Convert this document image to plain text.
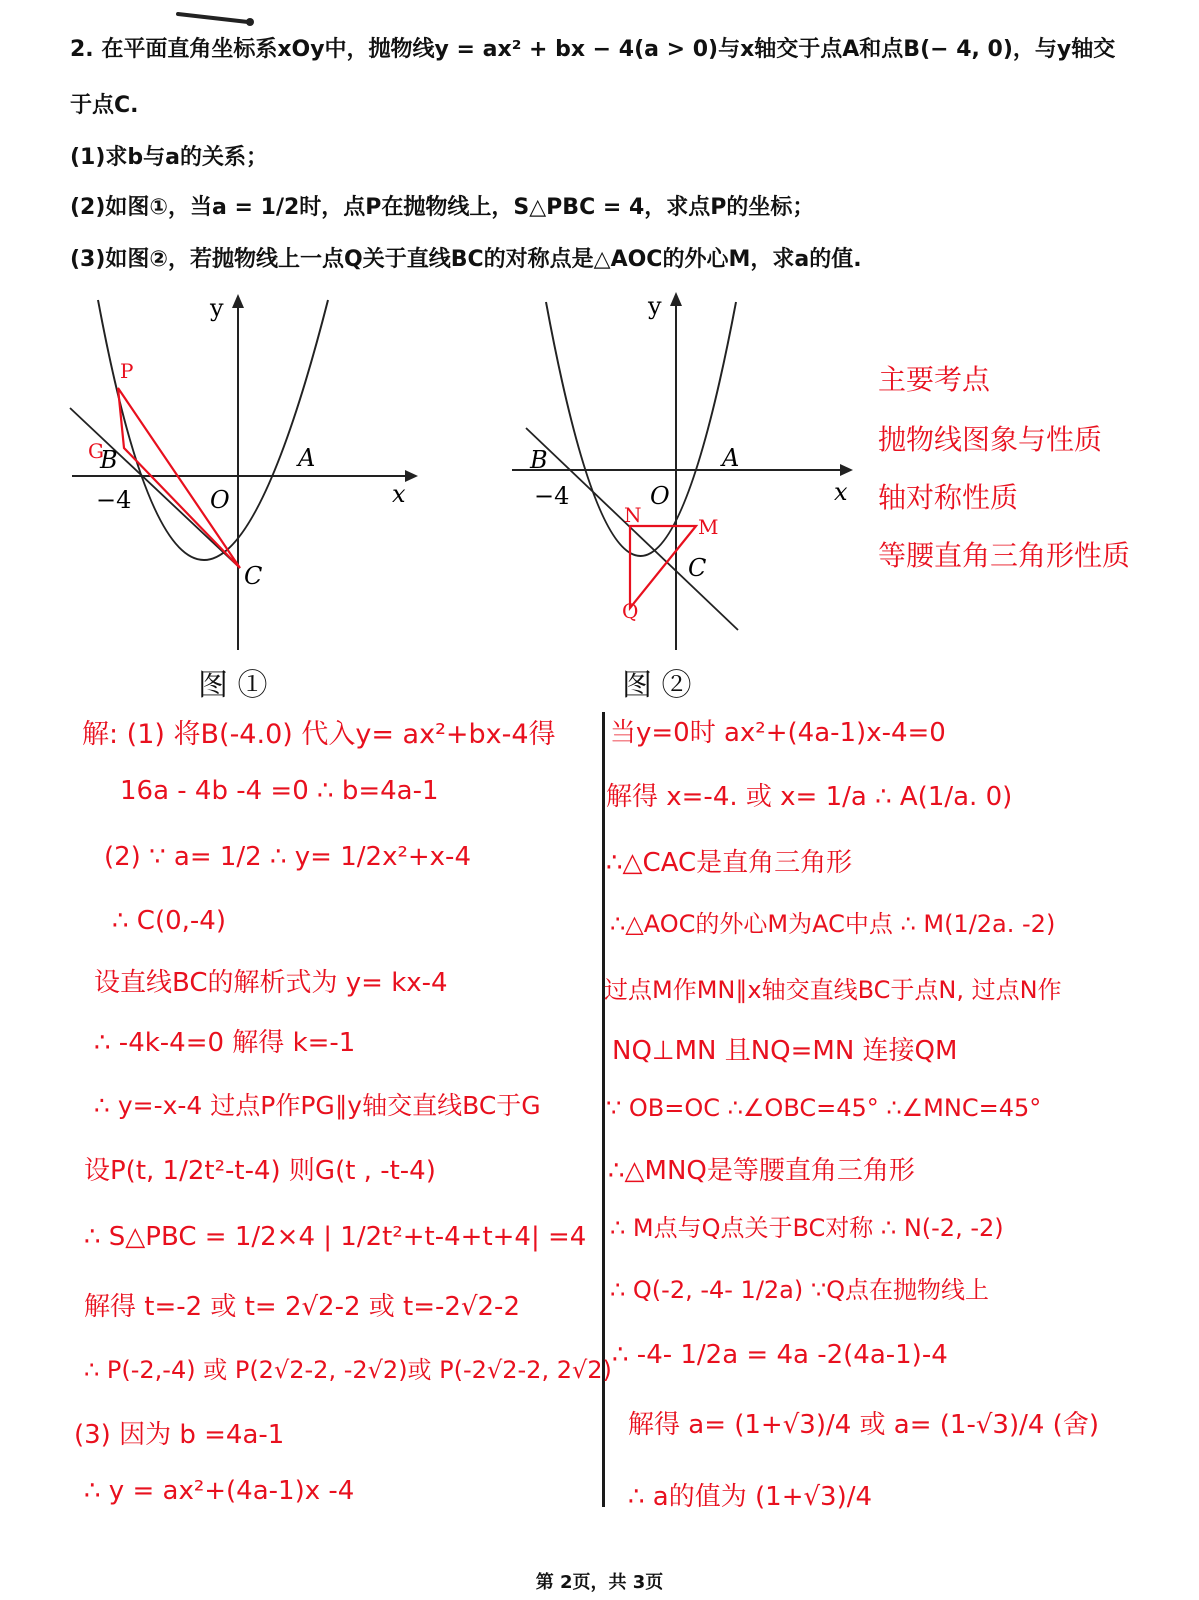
2. 在平面直角坐标系xOy中，抛物线y = ax² + bx − 4(a > 0)与x轴交于点A和点B(− 4, 0)，与y轴交
于点C.
(1)求b与a的关系；
(2)如图①，当a = 1/2时，点P在抛物线上，S△PBC = 4，求点P的坐标；
(3)如图②，若抛物线上一点Q关于直线BC的对称点是△AOC的外心M，求a的值.
y
x
O
A
B
C
−4
P
G
图 ①
y
x
O
A
B
C
−4
M
N
Q
图 ②
主要考点
抛物线图象与性质
轴对称性质
等腰直角三角形性质
解: (1) 将B(-4.0) 代入y= ax²+bx-4得
16a - 4b -4 =0 ∴ b=4a-1
(2) ∵ a= 1/2 ∴ y= 1/2x²+x-4
∴ C(0,-4)
设直线BC的解析式为 y= kx-4
∴ -4k-4=0 解得 k=-1
∴ y=-x-4 过点P作PG∥y轴交直线BC于G
设P(t, 1/2t²-t-4) 则G(t , -t-4)
∴ S△PBC = 1/2×4 | 1/2t²+t-4+t+4| =4
解得 t=-2 或 t= 2√2-2 或 t=-2√2-2
∴ P(-2,-4) 或 P(2√2-2, -2√2)或 P(-2√2-2, 2√2)
(3) 因为 b =4a-1
∴ y = ax²+(4a-1)x -4
当y=0时 ax²+(4a-1)x-4=0
解得 x=-4. 或 x= 1/a ∴ A(1/a. 0)
∴△CAC是直角三角形
∴△AOC的外心M为AC中点 ∴ M(1/2a. -2)
过点M作MN∥x轴交直线BC于点N, 过点N作
NQ⊥MN 且NQ=MN 连接QM
∵ OB=OC ∴∠OBC=45° ∴∠MNC=45°
∴△MNQ是等腰直角三角形
∴ M点与Q点关于BC对称 ∴ N(-2, -2)
∴ Q(-2, -4- 1/2a) ∵Q点在抛物线上
∴ -4- 1/2a = 4a -2(4a-1)-4
解得 a= (1+√3)/4 或 a= (1-√3)/4 (舍)
∴ a的值为 (1+√3)/4
第 2页，共 3页
